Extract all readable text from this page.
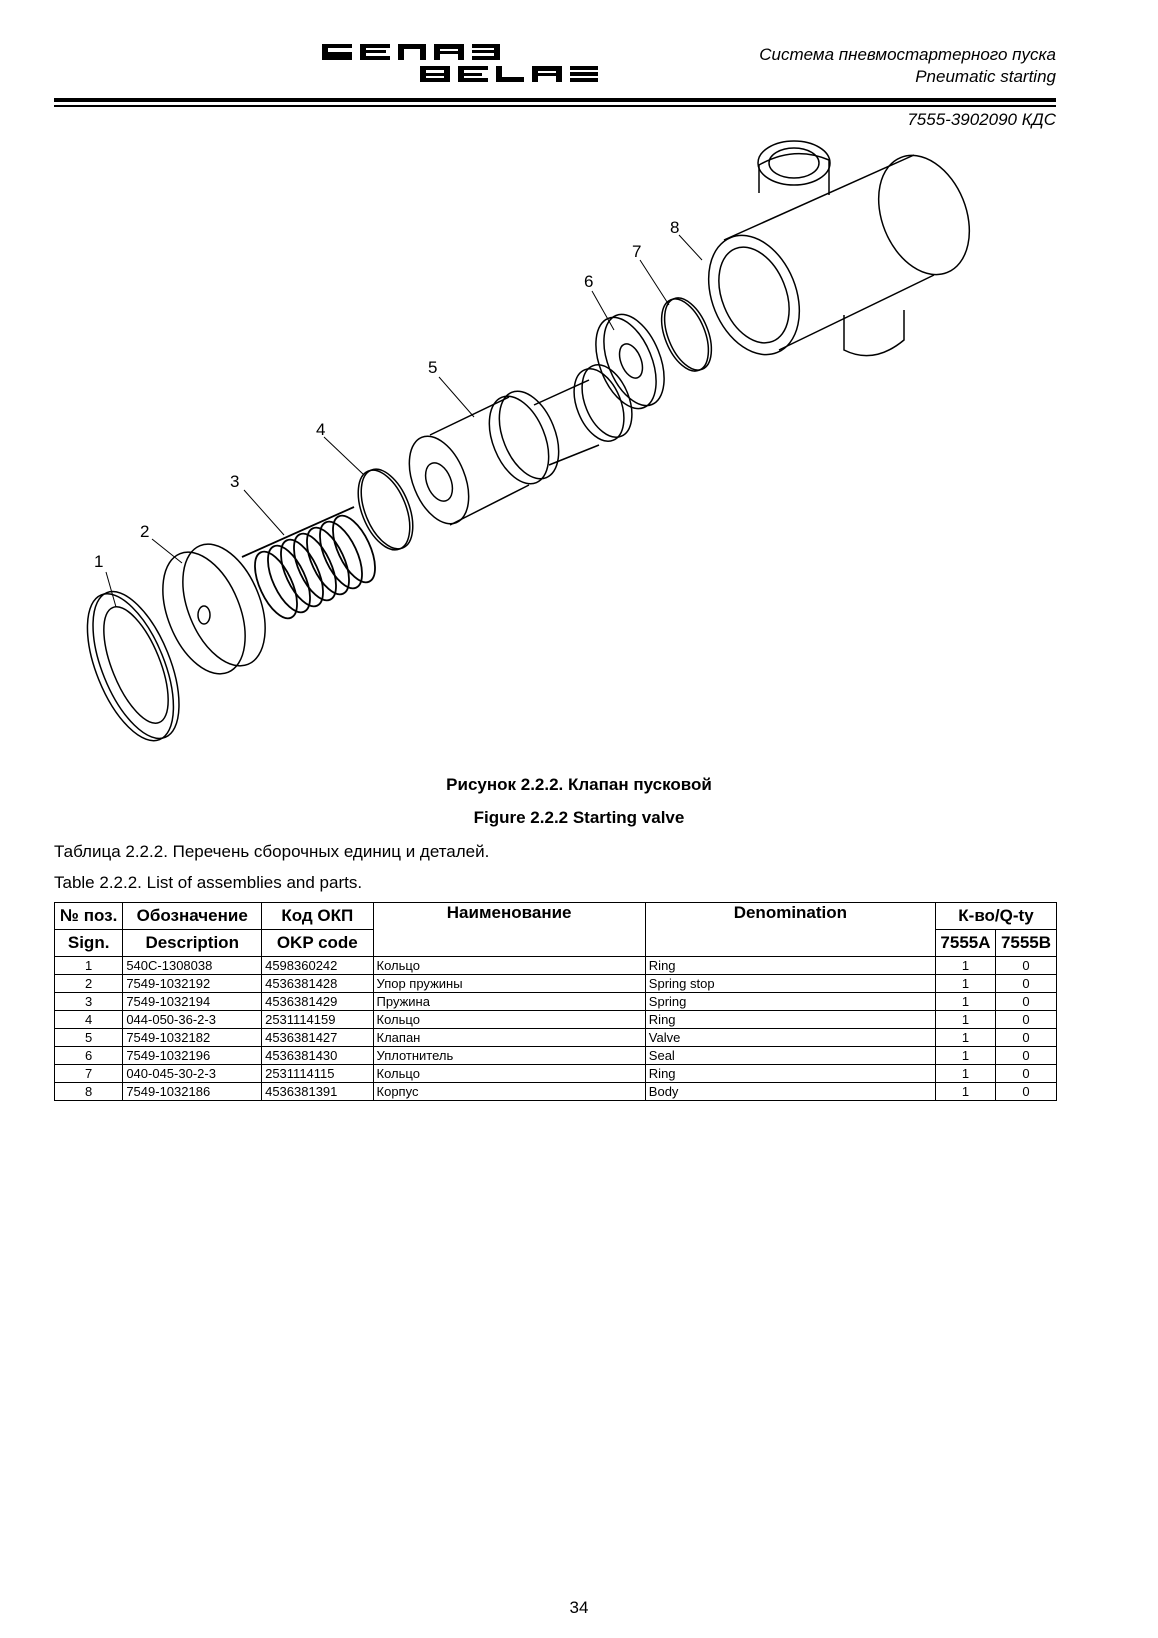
Система пневмостартерного пуска
Pneumatic starting
7555-3902090 КДС
1
2
3
4
5
6
7
8
Рисунок 2.2.2. Клапан пусковой
Figure 2.2.2 Starting valve
Таблица 2.2.2. Перечень сборочных единиц и деталей.
Table 2.2.2. List of assemblies and parts.
№ поз.	Обозначение	Код ОКП	Наименование	Denomination	К-во/Q-ty	
Sign.	Description	OKP code			7555A	7555B
1	540C-1308038	4598360242	Кольцо	Ring	1	0
2	7549-1032192	4536381428	Упор пружины	Spring stop	1	0
3	7549-1032194	4536381429	Пружина	Spring	1	0
4	044-050-36-2-3	2531114159	Кольцо	Ring	1	0
5	7549-1032182	4536381427	Клапан	Valve	1	0
6	7549-1032196	4536381430	Уплотнитель	Seal	1	0
7	040-045-30-2-3	2531114115	Кольцо	Ring	1	0
8	7549-1032186	4536381391	Корпус	Body	1	0
34
